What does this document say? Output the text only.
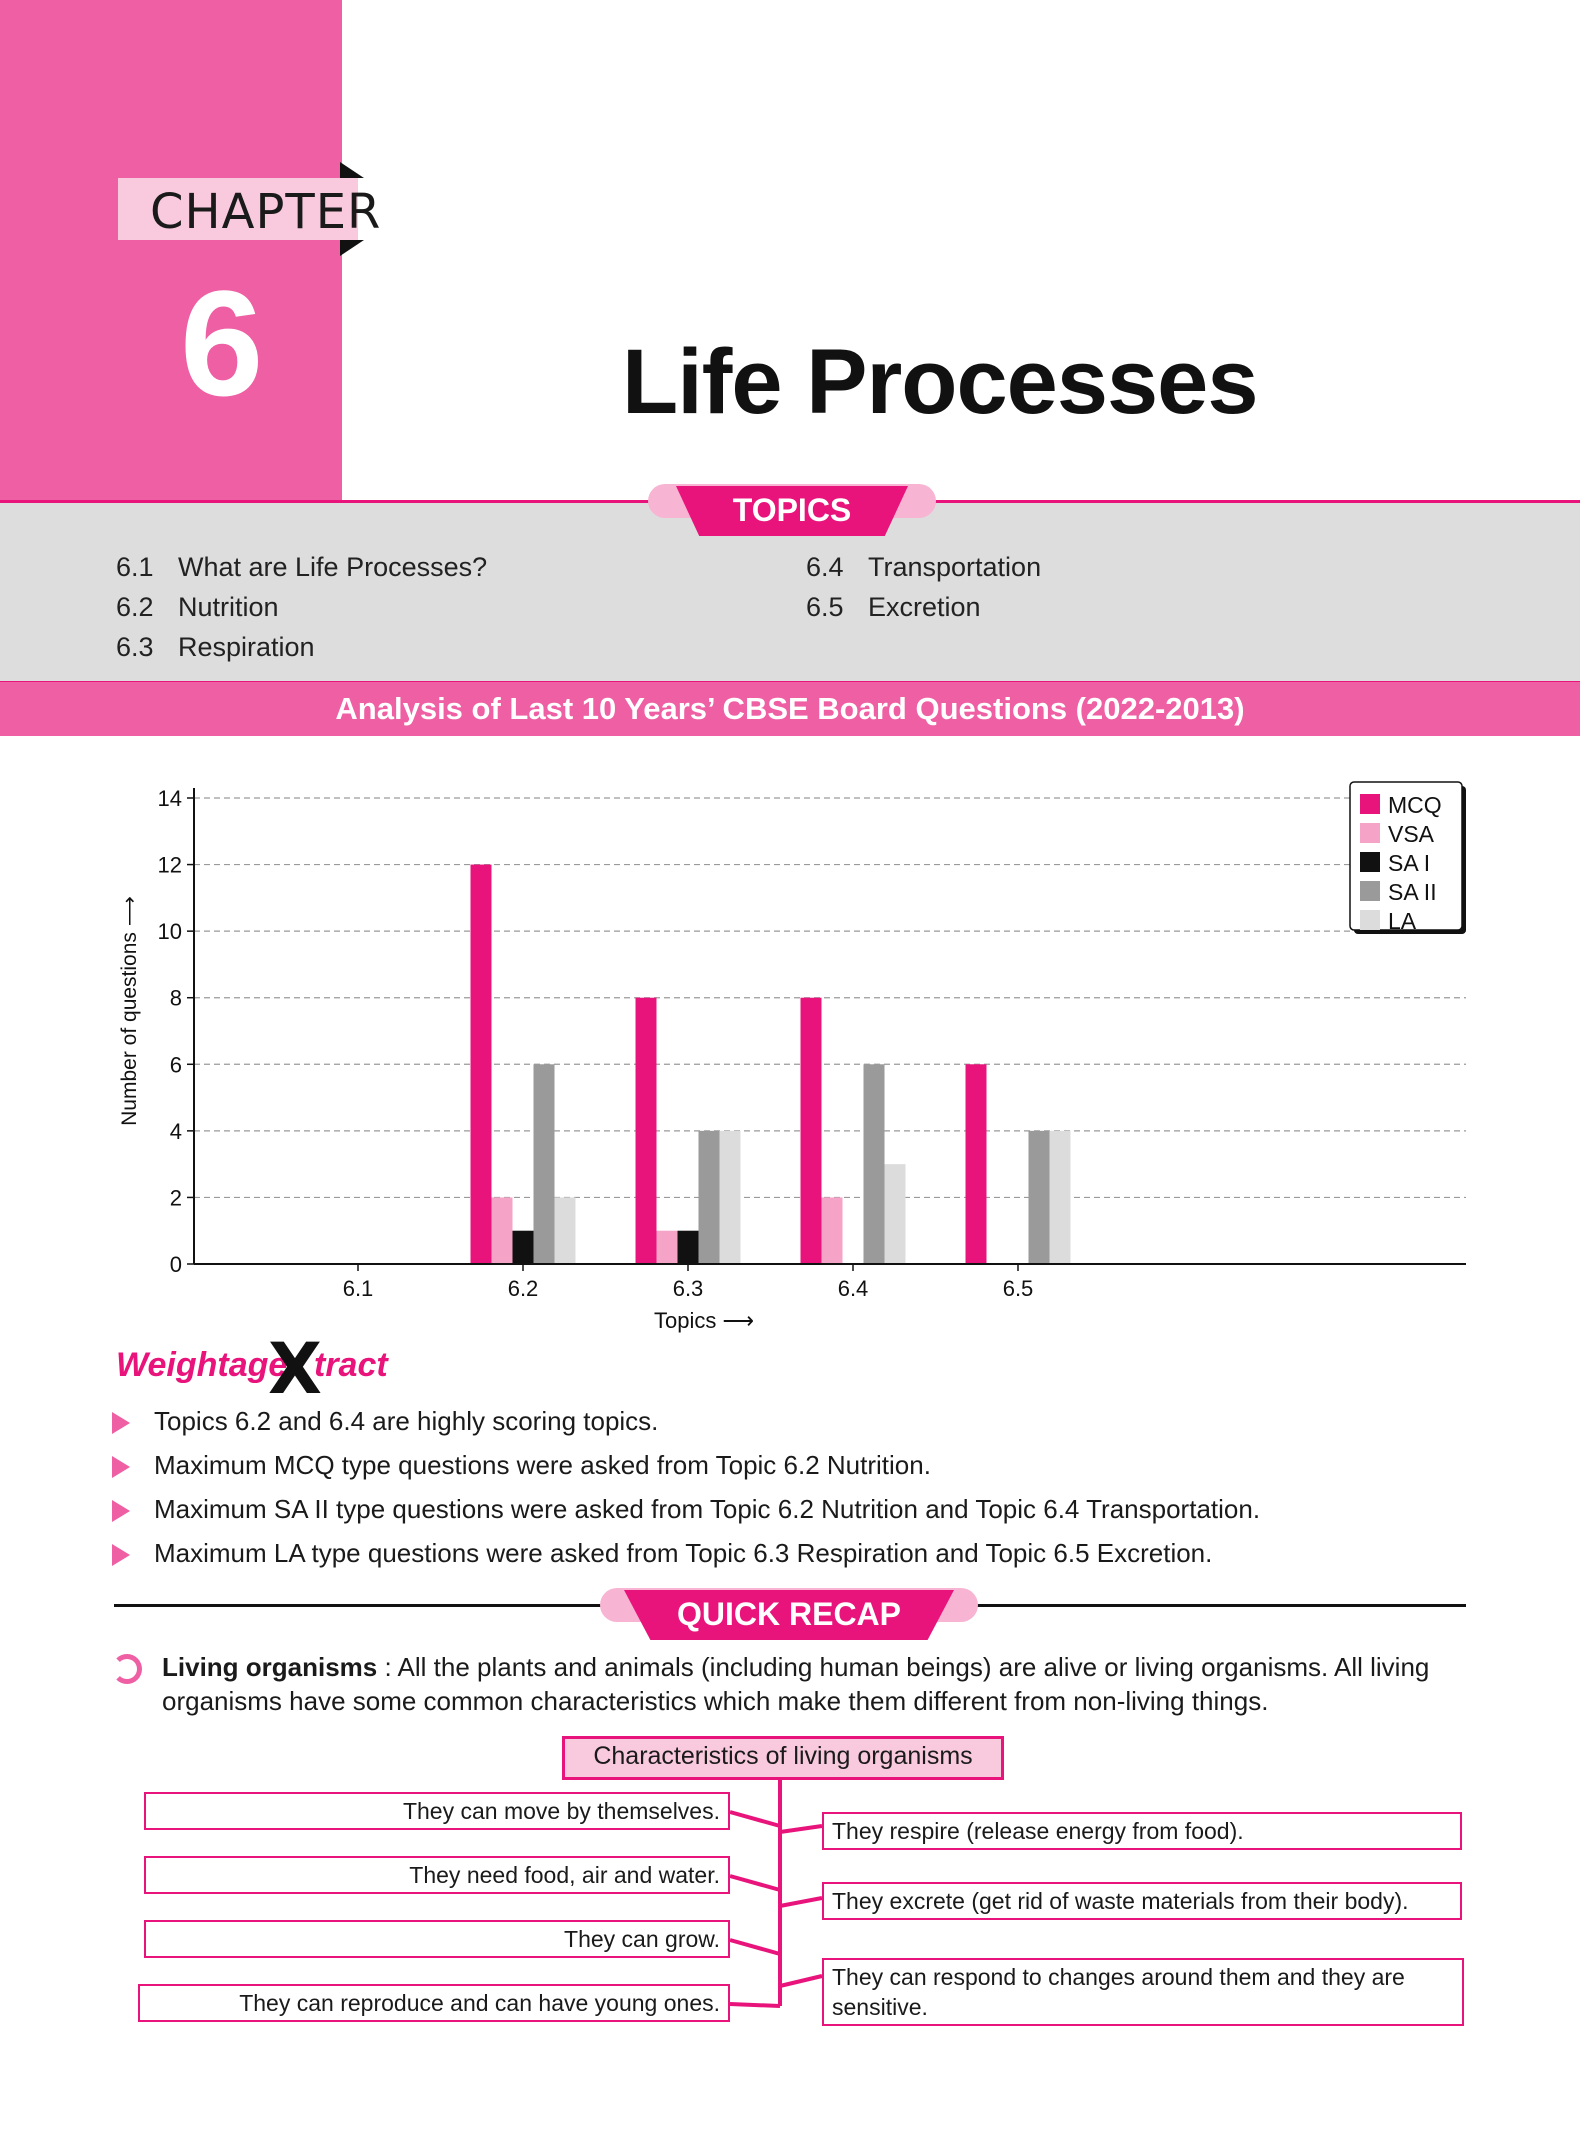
CHAPTER
6	Life Processes
TOPICS
6.1 What are Life Processes?
6.2 Nutrition
6.3 Respiration
6.4 Transportation
6.5 Excretion
Analysis of Last 10 Years’ CBSE Board Questions (2022-2013)
0
2
4
6
8
10
12
14
6.1	6.2	6.3	6.4	6.5
Topics ⟶
Number of questions ⟶
MCQ
VSA
SA I
SA II
LA
Weightage
X
tract
Topics 6.2 and 6.4 are highly scoring topics.
Maximum MCQ type questions were asked from Topic 6.2 Nutrition.
Maximum SA II type questions were asked from Topic 6.2 Nutrition and Topic 6.4 Transportation.
Maximum LA type questions were asked from Topic 6.3 Respiration and Topic 6.5 Excretion.
QUICK RECAP
Living organisms : All the plants and animals (including human beings) are alive or living organisms. All living organisms have some common characteristics which make them different from non-living things.
Characteristics of living organisms
They can move by themselves.
They need food, air and water.
They can grow.
They can reproduce and can have young ones.
They respire (release energy from food).
They excrete (get rid of waste materials from their body).
They can respond to changes around them and they are sensitive.
